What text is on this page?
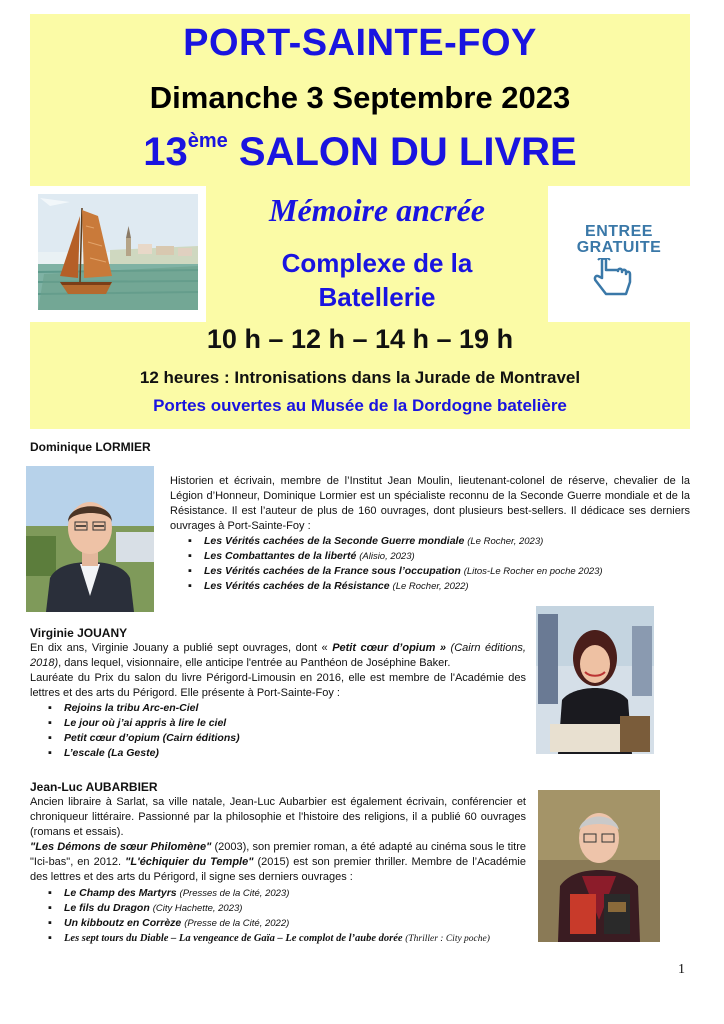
PORT-SAINTE-FOY
Dimanche 3 Septembre 2023
13ème SALON DU LIVRE
Mémoire ancrée
Complexe de la
Batellerie
ENTREE
GRATUITE
10 h – 12 h – 14 h – 19 h
12 heures : Intronisations dans la Jurade de Montravel
Portes ouvertes au Musée de la Dordogne batelière
Dominique LORMIER
Historien et écrivain, membre de l’Institut Jean Moulin, lieutenant-colonel de réserve, chevalier de la Légion d’Honneur, Dominique Lormier est un spécialiste reconnu de la Seconde Guerre mondiale et de la Résistance. Il est l’auteur de plus de 160 ouvrages, dont plusieurs best-sellers. Il dédicace ses derniers ouvrages à Port-Sainte-Foy :
▪ Les Vérités cachées de la Seconde Guerre mondiale (Le Rocher, 2023)
▪ Les Combattantes de la liberté (Alisio, 2023)
▪ Les Vérités cachées de la France sous l’occupation (Litos-Le Rocher en poche 2023)
▪ Les Vérités cachées de la Résistance (Le Rocher, 2022)
Virginie JOUANY
En dix ans, Virginie Jouany a publié sept ouvrages, dont « Petit cœur d’opium » (Cairn éditions, 2018), dans lequel, visionnaire, elle anticipe l'entrée au Panthéon de Joséphine Baker.
Lauréate du Prix du salon du livre Périgord-Limousin en 2016, elle est membre de l'Académie des lettres et des arts du Périgord. Elle présente à Port-Sainte-Foy :
▪ Rejoins la tribu Arc-en-Ciel
▪ Le jour où j’ai appris à lire le ciel
▪ Petit cœur d’opium (Cairn éditions)
▪ L’escale (La Geste)
Jean-Luc AUBARBIER
Ancien libraire à Sarlat, sa ville natale, Jean-Luc Aubarbier est également écrivain, conférencier et chroniqueur littéraire. Passionné par la philosophie et l'histoire des religions, il a publié 60 ouvrages (romans et essais).
"Les Démons de sœur Philomène" (2003), son premier roman, a été adapté au cinéma sous le titre "Ici-bas", en 2012. "L'échiquier du Temple" (2015) est son premier thriller. Membre de l’Académie des lettres et des arts du Périgord, il signe ses derniers ouvrages :
▪ Le Champ des Martyrs (Presses de la Cité, 2023)
▪ Le fils du Dragon (City Hachette, 2023)
▪ Un kibboutz en Corrèze (Presse de la Cité, 2022)
▪ Les sept tours du Diable – La vengeance de Gaïa – Le complot de l’aube dorée (Thriller : City poche)
1
